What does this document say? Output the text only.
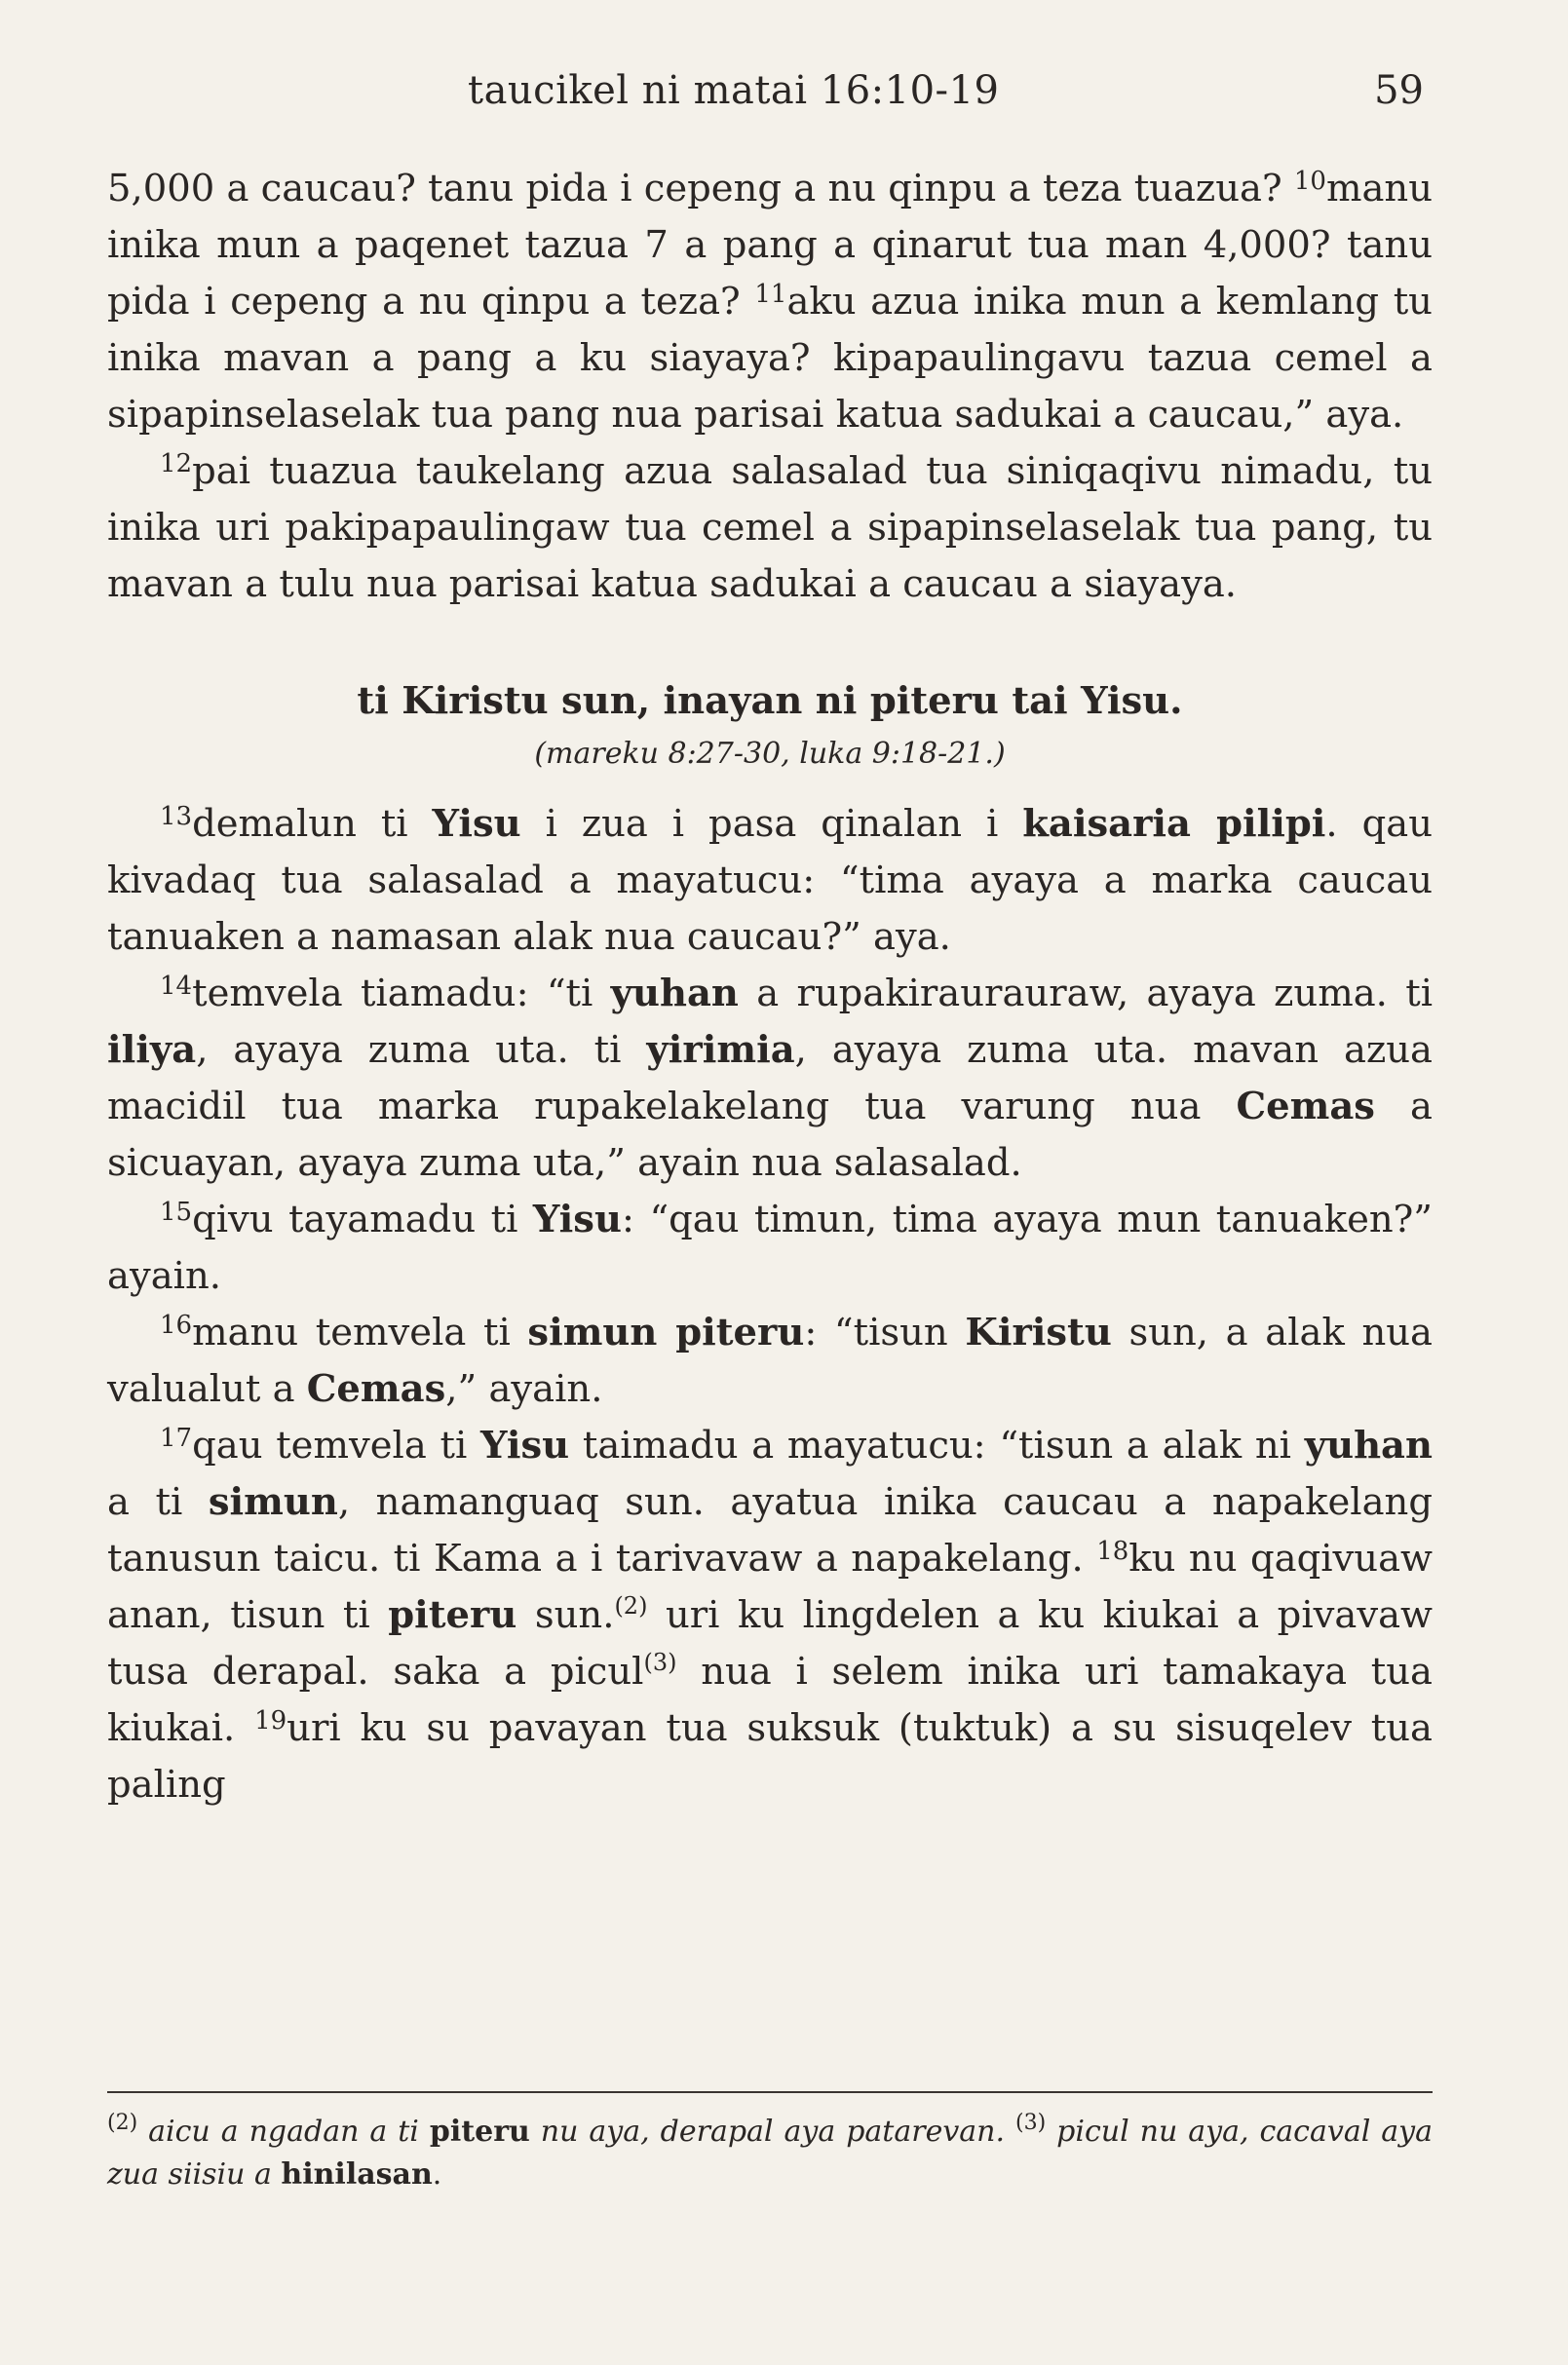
taucikel ni matai 16:10-19	59

5,000 a caucau? tanu pida i cepeng a nu qinpu a teza tuazua? $^{10}$manu inika mun a paqenet tazua 7 a pang a qinarut tua man 4,000? tanu pida i cepeng a nu qinpu a teza? $^{11}$aku azua inika mun a kemlang tu inika mavan a pang a ku siayaya? kipapaulingavu tazua cemel a sipapinselaselak tua pang nua parisai katua sadukai a caucau,” aya.

$^{12}$pai tuazua taukelang azua salasalad tua siniqaqivu nimadu, tu inika uri pakipapaulingaw tua cemel a sipapinselaselak tua pang, tu mavan a tulu nua parisai katua sadukai a caucau a siayaya.

ti Kiristu sun, inayan ni piteru tai Yisu.
(mareku 8:27-30, luka 9:18-21.)

$^{13}$demalun ti Yisu i zua i pasa qinalan i kaisaria pilipi. qau kivadaq tua salasalad a mayatucu: “tima ayaya a marka caucau tanuaken a namasan alak nua caucau?” aya.

$^{14}$temvela tiamadu: “ti yuhan a rupakiraurauraw, ayaya zuma. ti iliya, ayaya zuma uta. ti yirimia, ayaya zuma uta. mavan azua macidil tua marka rupakelakelang tua varung nua Cemas a sicuayan, ayaya zuma uta,” ayain nua salasalad.

$^{15}$qivu tayamadu ti Yisu: “qau timun, tima ayaya mun tanuaken?” ayain.

$^{16}$manu temvela ti simun piteru: “tisun Kiristu sun, a alak nua valualut a Cemas,” ayain.

$^{17}$qau temvela ti Yisu taimadu a mayatucu: “tisun a alak ni yuhan a ti simun, namanguaq sun. ayatua inika caucau a napakelang tanusun taicu. ti Kama a i tarivavaw a napakelang. $^{18}$ku nu qaqivuaw anan, tisun ti piteru sun.$^{(2)}$ uri ku lingdelen a ku kiukai a pivavaw tusa derapal. saka a picul$^{(3)}$ nua i selem inika uri tamakaya tua kiukai. $^{19}$uri ku su pavayan tua suksuk (tuktuk) a su sisuqelev tua paling

$^{(2)}$ aicu a ngadan a ti piteru nu aya, derapal aya patarevan. $^{(3)}$ picul nu aya, cacaval aya zua siisiu a hinilasan.
